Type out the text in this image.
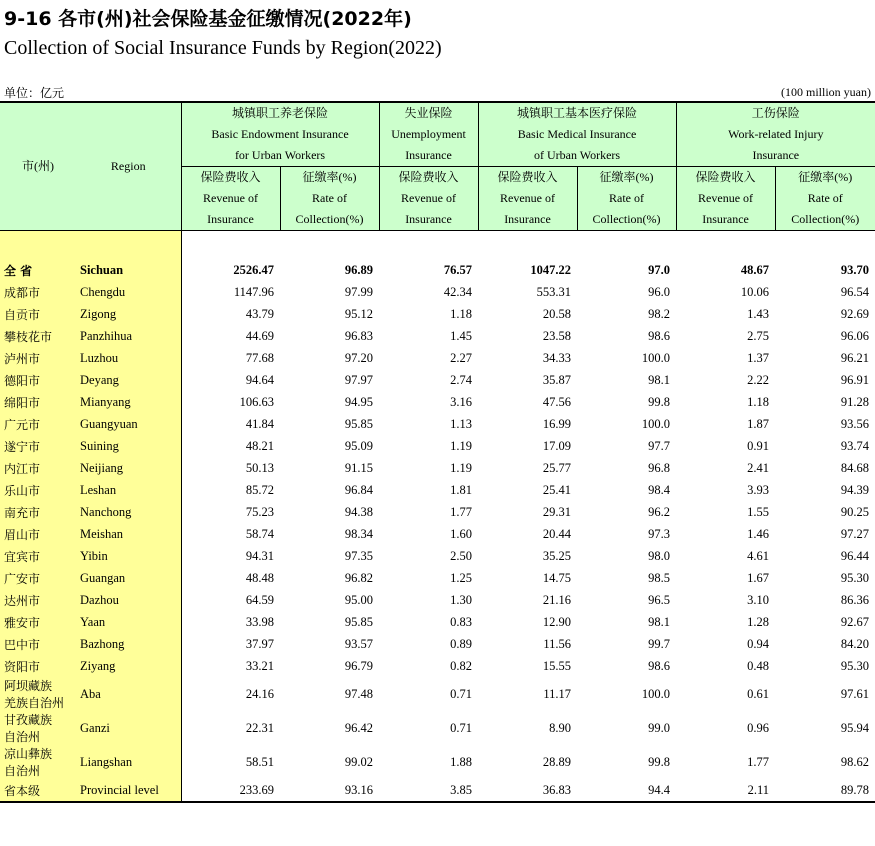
9-16 各市(州)社会保险基金征缴情况(2022年)
Collection of Social Insurance Funds by Region(2022)
单位：亿元	(100 million yuan)
市(州)	Region	城镇职工养老保险		失业保险	城镇职工基本医疗保险		工伤保险	
		Basic Endowment Insurance		Unemployment	Basic Medical Insurance		Work-related Injury	
		for Urban Workers		Insurance	of Urban Workers		Insurance	
		保险费收入	征缴率(%)	保险费收入	保险费收入	征缴率(%)	保险费收入	征缴率(%)
		Revenue of	Rate of	Revenue of	Revenue of	Rate of	Revenue of	Rate of
		Insurance	Collection(%)	Insurance	Insurance	Collection(%)	Insurance	Collection(%)

全 省	Sichuan	2526.47	96.89	76.57	1047.22	97.0	48.67	93.70
成都市	Chengdu	1147.96	97.99	42.34	553.31	96.0	10.06	96.54
自贡市	Zigong	43.79	95.12	1.18	20.58	98.2	1.43	92.69
攀枝花市	Panzhihua	44.69	96.83	1.45	23.58	98.6	2.75	96.06
泸州市	Luzhou	77.68	97.20	2.27	34.33	100.0	1.37	96.21
德阳市	Deyang	94.64	97.97	2.74	35.87	98.1	2.22	96.91
绵阳市	Mianyang	106.63	94.95	3.16	47.56	99.8	1.18	91.28
广元市	Guangyuan	41.84	95.85	1.13	16.99	100.0	1.87	93.56
遂宁市	Suining	48.21	95.09	1.19	17.09	97.7	0.91	93.74
内江市	Neijiang	50.13	91.15	1.19	25.77	96.8	2.41	84.68
乐山市	Leshan	85.72	96.84	1.81	25.41	98.4	3.93	94.39
南充市	Nanchong	75.23	94.38	1.77	29.31	96.2	1.55	90.25
眉山市	Meishan	58.74	98.34	1.60	20.44	97.3	1.46	97.27
宜宾市	Yibin	94.31	97.35	2.50	35.25	98.0	4.61	96.44
广安市	Guangan	48.48	96.82	1.25	14.75	98.5	1.67	95.30
达州市	Dazhou	64.59	95.00	1.30	21.16	96.5	3.10	86.36
雅安市	Yaan	33.98	95.85	0.83	12.90	98.1	1.28	92.67
巴中市	Bazhong	37.97	93.57	0.89	11.56	99.7	0.94	84.20
资阳市	Ziyang	33.21	96.79	0.82	15.55	98.6	0.48	95.30

阿坝藏族
羌族自治州	Aba	24.16	97.48	0.71	11.17	100.0	0.61	97.61

甘孜藏族
自治州	Ganzi	22.31	96.42	0.71	8.90	99.0	0.96	95.94

凉山彝族
自治州	Liangshan	58.51	99.02	1.88	28.89	99.8	1.77	98.62
省本级	Provincial level	233.69	93.16	3.85	36.83	94.4	2.11	89.78
